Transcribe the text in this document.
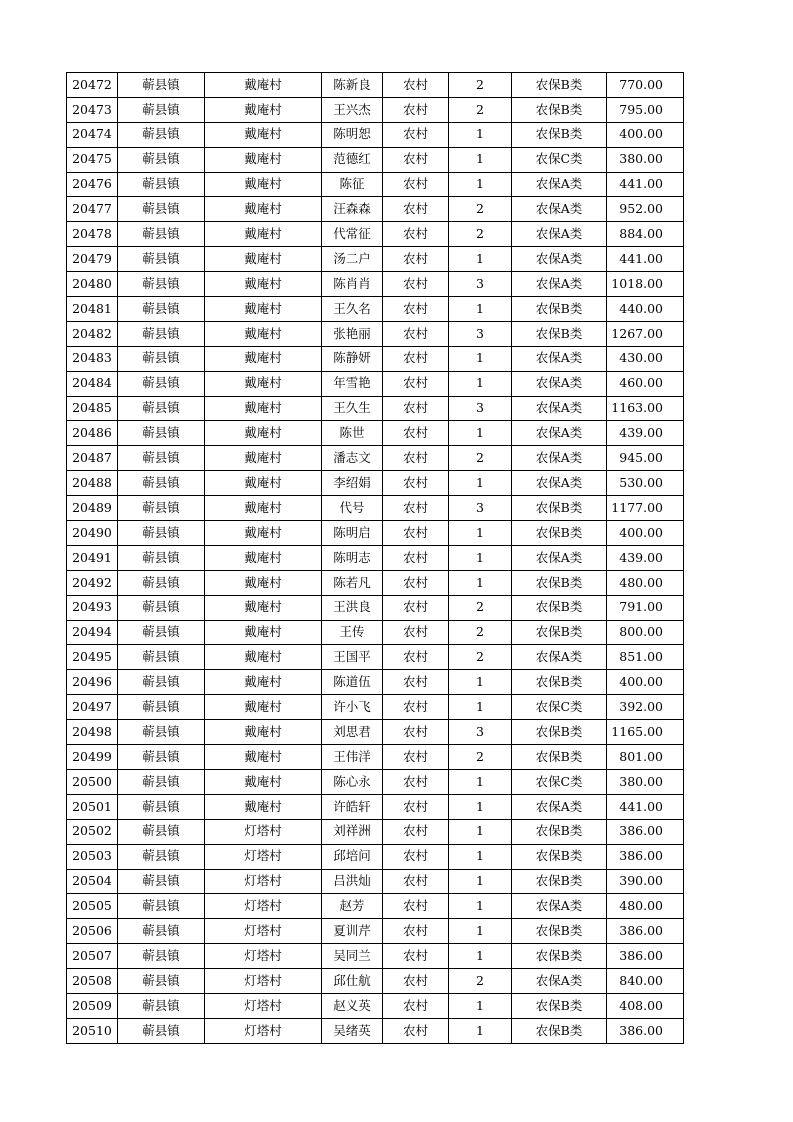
20472	蕲县镇	戴庵村	陈新良	农村	2	农保B类	770.00
20473	蕲县镇	戴庵村	王兴杰	农村	2	农保B类	795.00
20474	蕲县镇	戴庵村	陈明恕	农村	1	农保B类	400.00
20475	蕲县镇	戴庵村	范德红	农村	1	农保C类	380.00
20476	蕲县镇	戴庵村	陈征	农村	1	农保A类	441.00
20477	蕲县镇	戴庵村	汪森森	农村	2	农保A类	952.00
20478	蕲县镇	戴庵村	代常征	农村	2	农保A类	884.00
20479	蕲县镇	戴庵村	汤二户	农村	1	农保A类	441.00
20480	蕲县镇	戴庵村	陈肖肖	农村	3	农保A类	1018.00
20481	蕲县镇	戴庵村	王久名	农村	1	农保B类	440.00
20482	蕲县镇	戴庵村	张艳丽	农村	3	农保B类	1267.00
20483	蕲县镇	戴庵村	陈静妍	农村	1	农保A类	430.00
20484	蕲县镇	戴庵村	年雪艳	农村	1	农保A类	460.00
20485	蕲县镇	戴庵村	王久生	农村	3	农保A类	1163.00
20486	蕲县镇	戴庵村	陈世	农村	1	农保A类	439.00
20487	蕲县镇	戴庵村	潘志文	农村	2	农保A类	945.00
20488	蕲县镇	戴庵村	李绍娟	农村	1	农保A类	530.00
20489	蕲县镇	戴庵村	代号	农村	3	农保B类	1177.00
20490	蕲县镇	戴庵村	陈明启	农村	1	农保B类	400.00
20491	蕲县镇	戴庵村	陈明志	农村	1	农保A类	439.00
20492	蕲县镇	戴庵村	陈若凡	农村	1	农保B类	480.00
20493	蕲县镇	戴庵村	王洪良	农村	2	农保B类	791.00
20494	蕲县镇	戴庵村	王传	农村	2	农保B类	800.00
20495	蕲县镇	戴庵村	王国平	农村	2	农保A类	851.00
20496	蕲县镇	戴庵村	陈道伍	农村	1	农保B类	400.00
20497	蕲县镇	戴庵村	许小飞	农村	1	农保C类	392.00
20498	蕲县镇	戴庵村	刘思君	农村	3	农保B类	1165.00
20499	蕲县镇	戴庵村	王伟洋	农村	2	农保B类	801.00
20500	蕲县镇	戴庵村	陈心永	农村	1	农保C类	380.00
20501	蕲县镇	戴庵村	许皓轩	农村	1	农保A类	441.00
20502	蕲县镇	灯塔村	刘祥洲	农村	1	农保B类	386.00
20503	蕲县镇	灯塔村	邱培问	农村	1	农保B类	386.00
20504	蕲县镇	灯塔村	吕洪灿	农村	1	农保B类	390.00
20505	蕲县镇	灯塔村	赵芳	农村	1	农保A类	480.00
20506	蕲县镇	灯塔村	夏训芹	农村	1	农保B类	386.00
20507	蕲县镇	灯塔村	吴同兰	农村	1	农保B类	386.00
20508	蕲县镇	灯塔村	邱仕航	农村	2	农保A类	840.00
20509	蕲县镇	灯塔村	赵义英	农村	1	农保B类	408.00
20510	蕲县镇	灯塔村	吴绪英	农村	1	农保B类	386.00
